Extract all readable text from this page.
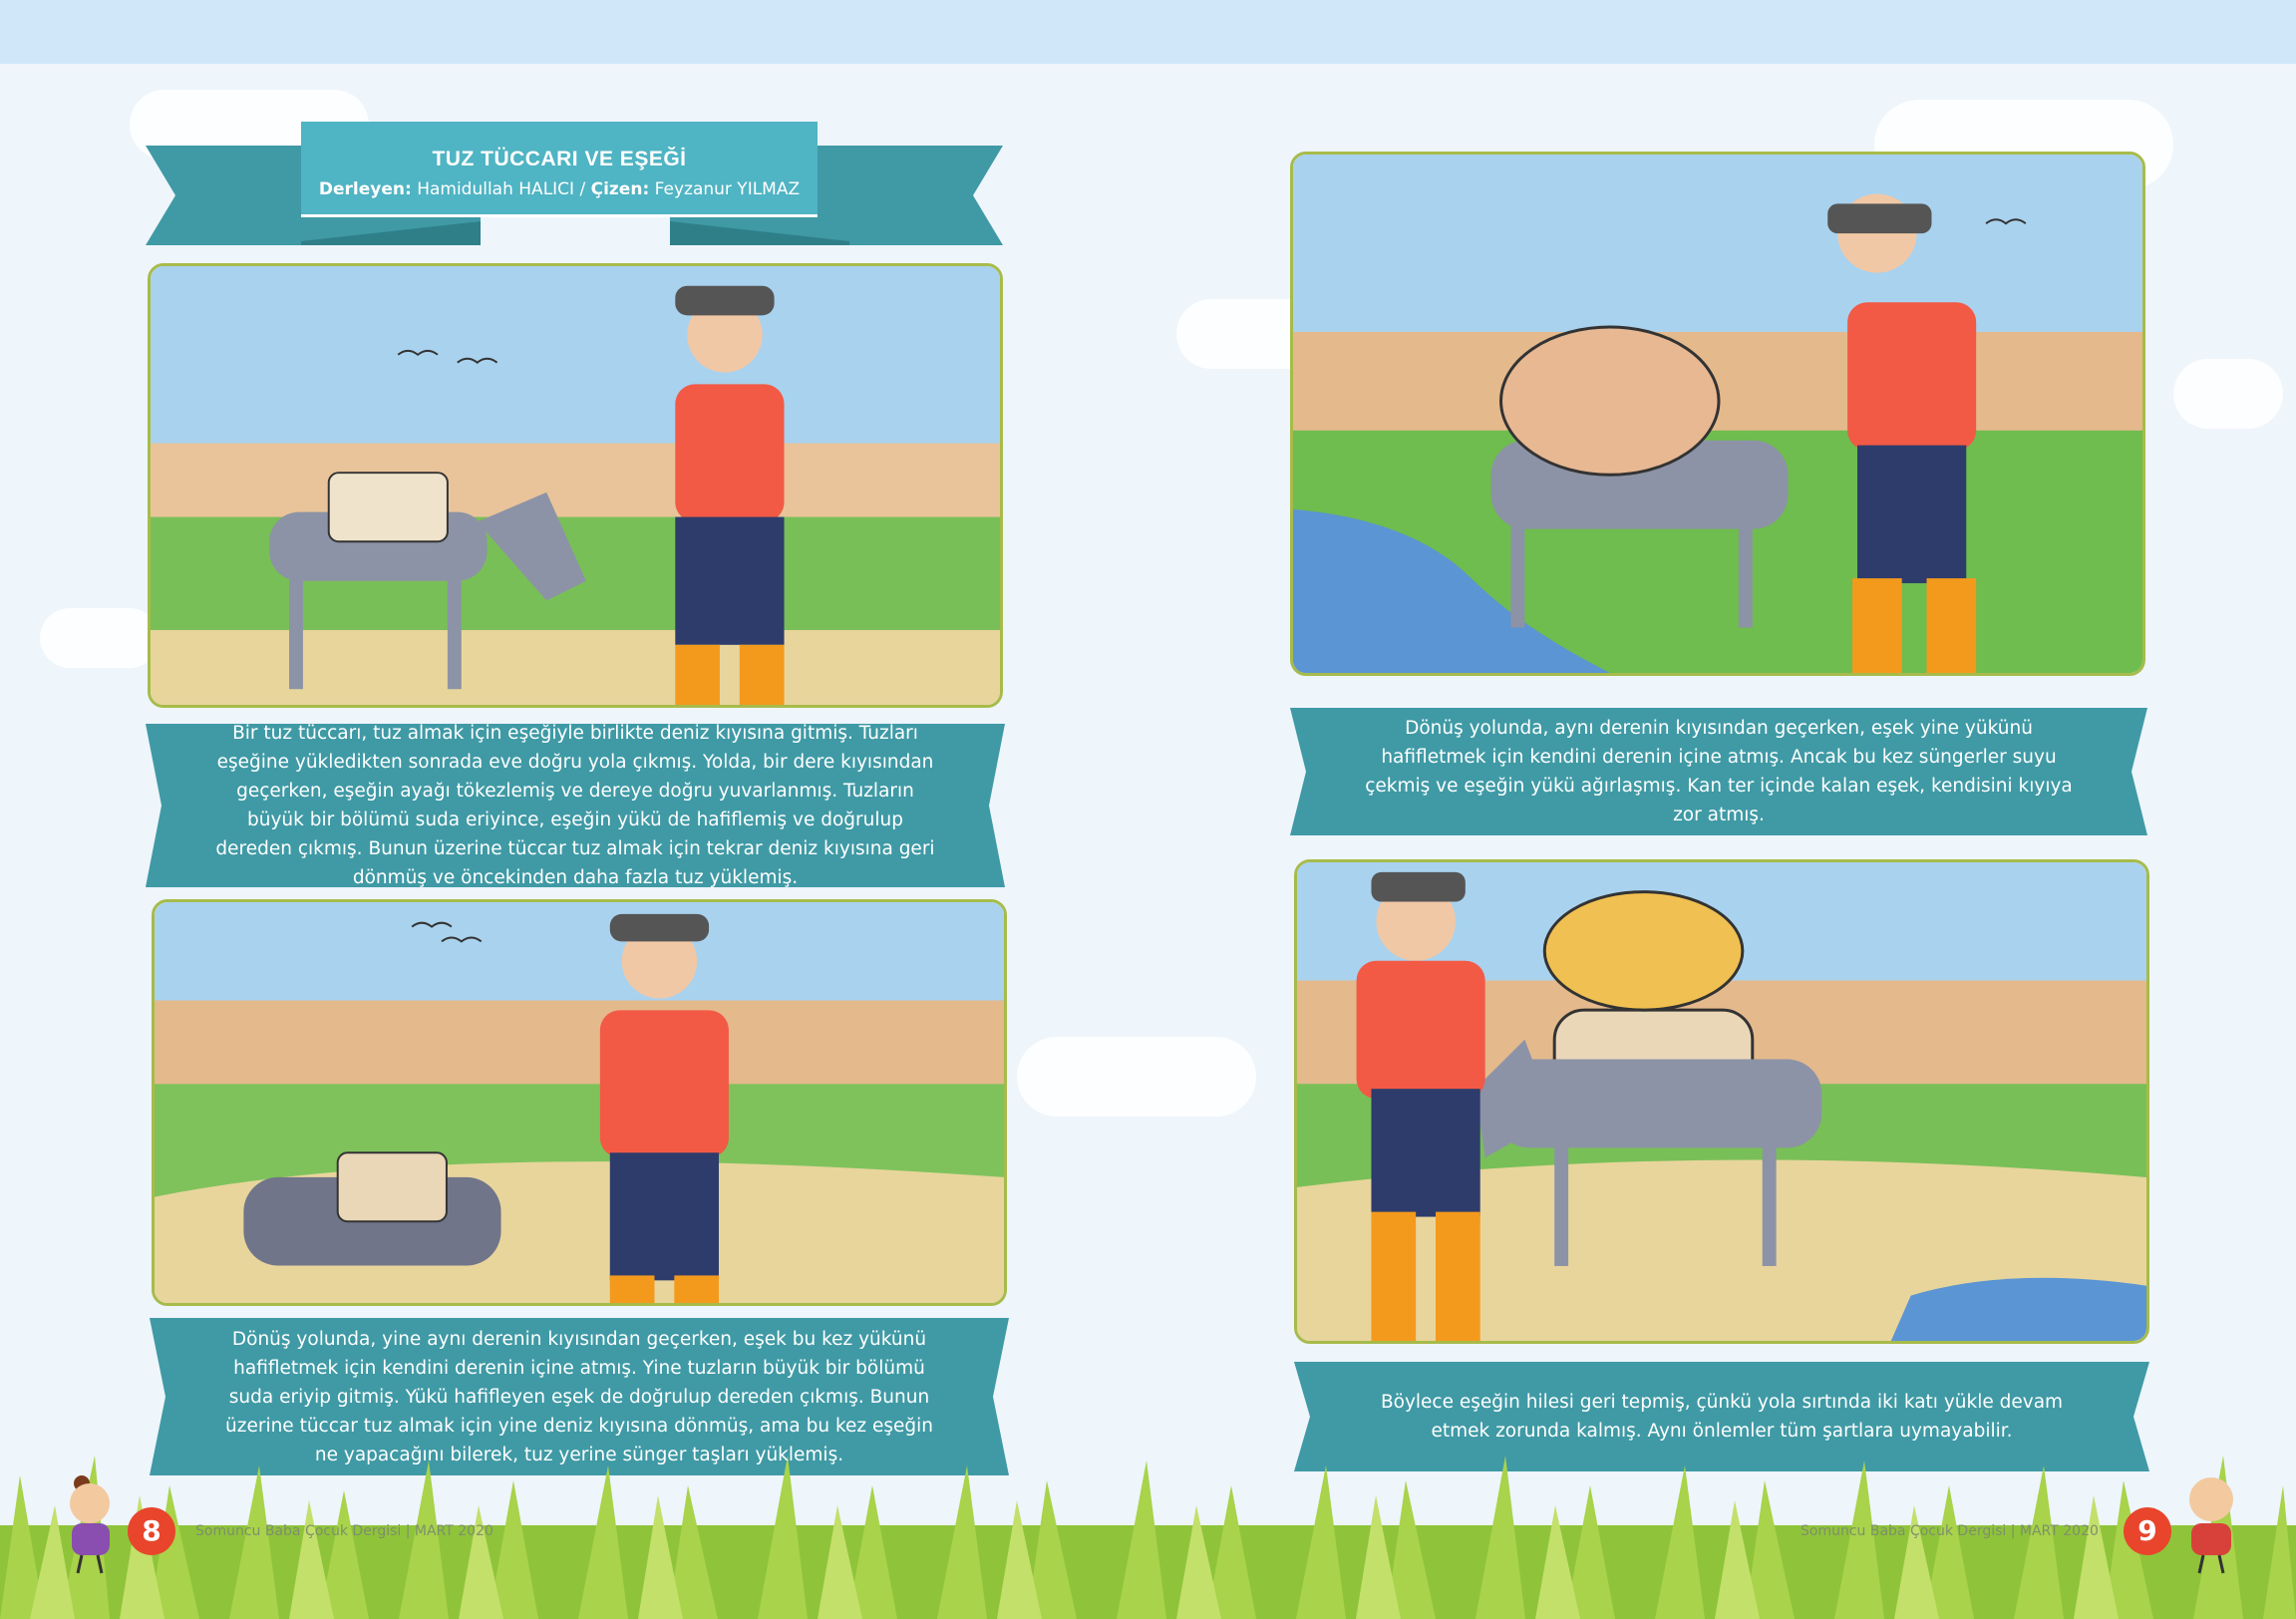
TUZ TÜCCARI VE EŞEĞİ
Derleyen: Hamidullah HALICI / Çizen: Feyzanur YILMAZ

Bir tuz tüccarı, tuz almak için eşeğiyle birlikte deniz kıyısına gitmiş. Tuzları eşeğine yükledikten sonrada eve doğru yola çıkmış. Yolda, bir dere kıyısından geçerken, eşeğin ayağı tökezlemiş ve dereye doğru yuvarlanmış. Tuzların büyük bir bölümü suda eriyince, eşeğin yükü de hafiflemiş ve doğrulup dereden çıkmış. Bunun üzerine tüccar tuz almak için tekrar deniz kıyısına geri dönmüş ve öncekinden daha fazla tuz yüklemiş.

Dönüş yolunda, yine aynı derenin kıyısından geçerken, eşek bu kez yükünü hafifletmek için kendini derenin içine atmış. Yine tuzların büyük bir bölümü suda eriyip gitmiş. Yükü hafifleyen eşek de doğrulup dereden çıkmış. Bunun üzerine tüccar tuz almak için yine deniz kıyısına dönmüş, ama bu kez eşeğin ne yapacağını bilerek, tuz yerine sünger taşları yüklemiş.

Dönüş yolunda, aynı derenin kıyısından geçerken, eşek yine yükünü hafifletmek için kendini derenin içine atmış. Ancak bu kez süngerler suyu çekmiş ve eşeğin yükü ağırlaşmış. Kan ter içinde kalan eşek, kendisini kıyıya zor atmış.

Böylece eşeğin hilesi geri tepmiş, çünkü yola sırtında iki katı yükle devam etmek zorunda kalmış. Aynı önlemler tüm şartlara uymayabilir.

8	Somuncu Baba Çocuk Dergisi | MART 2020	Somuncu Baba Çocuk Dergisi | MART 2020	9
